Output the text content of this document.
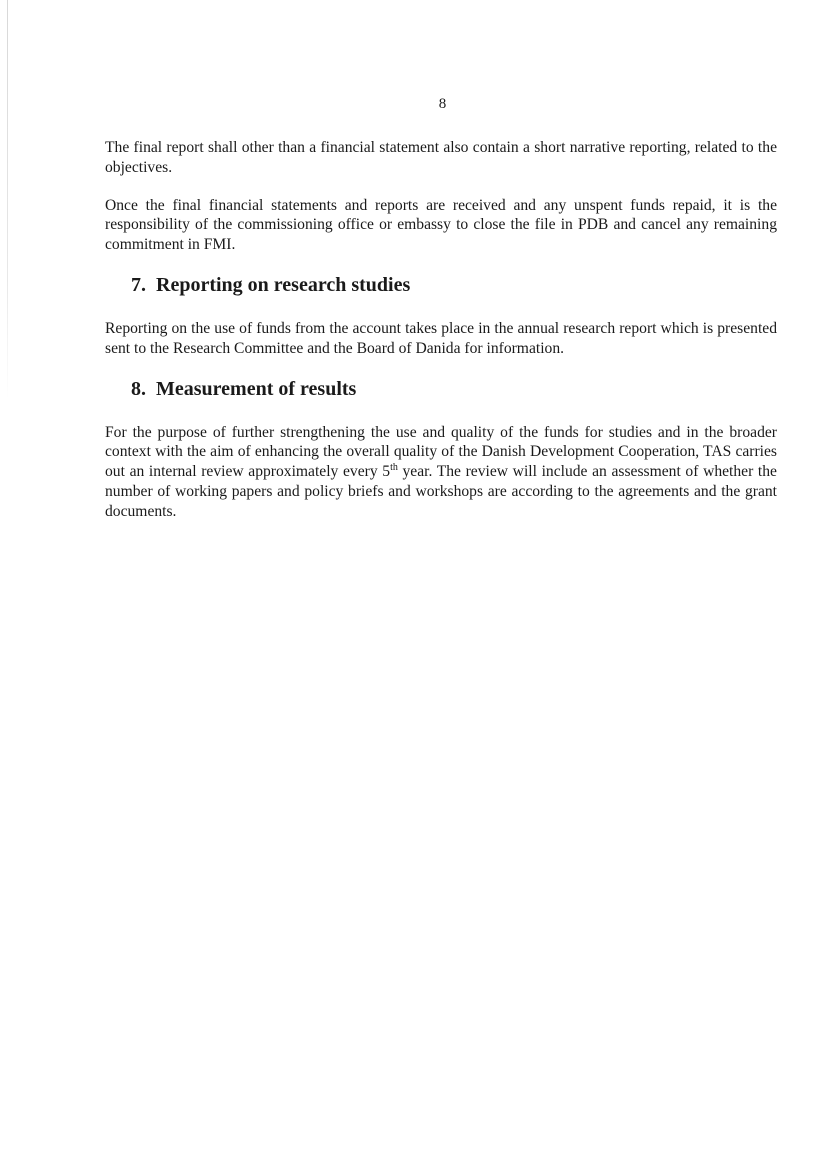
8

The final report shall other than a financial statement also contain a short narrative reporting, related to the objectives.

Once the final financial statements and reports are received and any unspent funds repaid, it is the responsibility of the commissioning office or embassy to close the file in PDB and cancel any remaining commitment in FMI.

7. Reporting on research studies

Reporting on the use of funds from the account takes place in the annual research report which is presented sent to the Research Committee and the Board of Danida for information.

8. Measurement of results

For the purpose of further strengthening the use and quality of the funds for studies and in the broader context with the aim of enhancing the overall quality of the Danish Development Cooperation, TAS carries out an internal review approximately every 5th year. The review will include an assessment of whether the number of working papers and policy briefs and workshops are according to the agreements and the grant documents.
